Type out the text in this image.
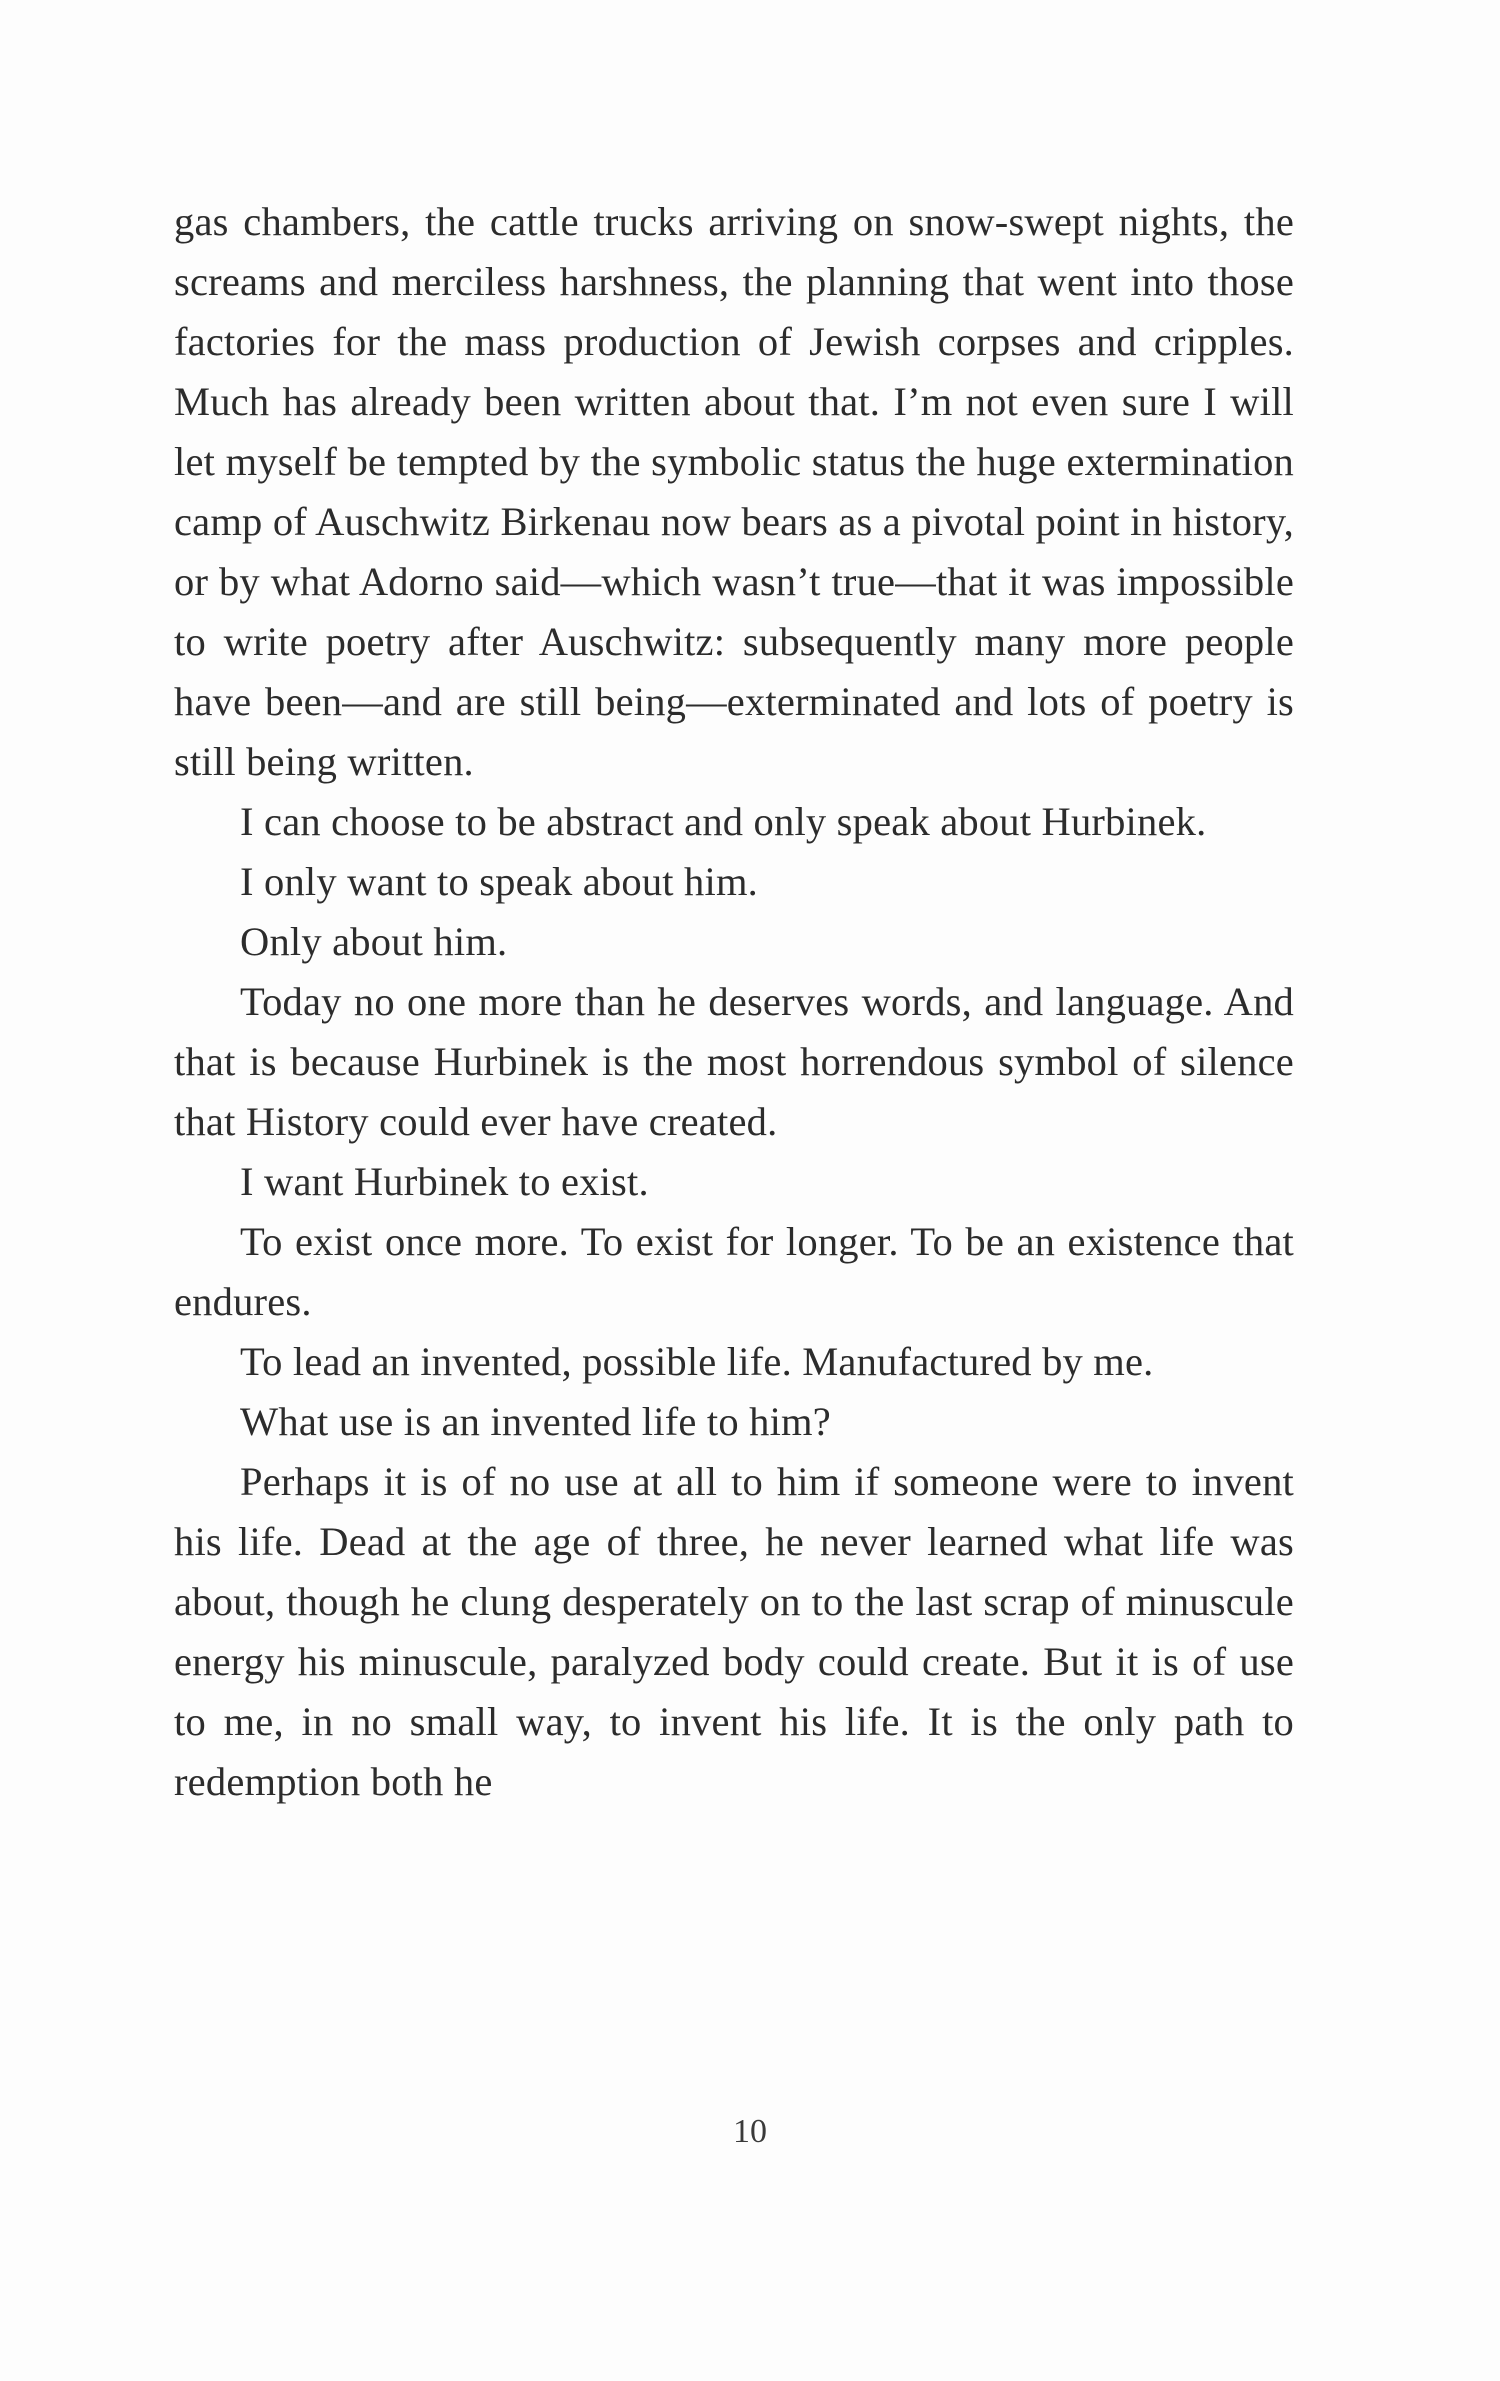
gas chambers, the cattle trucks arriving on snow-swept nights, the screams and merciless harshness, the planning that went into those factories for the mass production of Jewish corpses and cripples. Much has already been written about that. I’m not even sure I will let myself be tempted by the symbolic status the huge extermination camp of Auschwitz Birkenau now bears as a pivotal point in history, or by what Adorno said—which wasn’t true—that it was impossible to write poetry after Auschwitz: subsequently many more people have been—and are still being—exterminated and lots of poetry is still being written.

I can choose to be abstract and only speak about Hurbinek.

I only want to speak about him.

Only about him.

Today no one more than he deserves words, and language. And that is because Hurbinek is the most horrendous symbol of silence that History could ever have created.

I want Hurbinek to exist.

To exist once more. To exist for longer. To be an existence that endures.

To lead an invented, possible life. Manufactured by me.

What use is an invented life to him?

Perhaps it is of no use at all to him if someone were to invent his life. Dead at the age of three, he never learned what life was about, though he clung desperately on to the last scrap of minuscule energy his minuscule, paralyzed body could create. But it is of use to me, in no small way, to invent his life. It is the only path to redemption both he

10
